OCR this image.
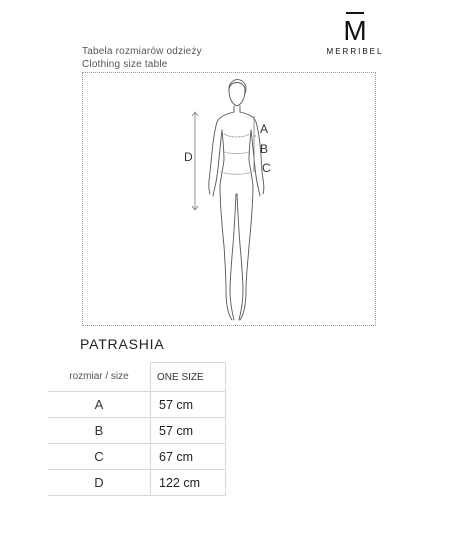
M
MERRIBEL
Tabela rozmiarów odzieży
Clothing size table
A
B
C
D
PATRASHIA
rozmiar / size	ONE SIZE
A	57 cm
B	57 cm
C	67 cm
D	122 cm
